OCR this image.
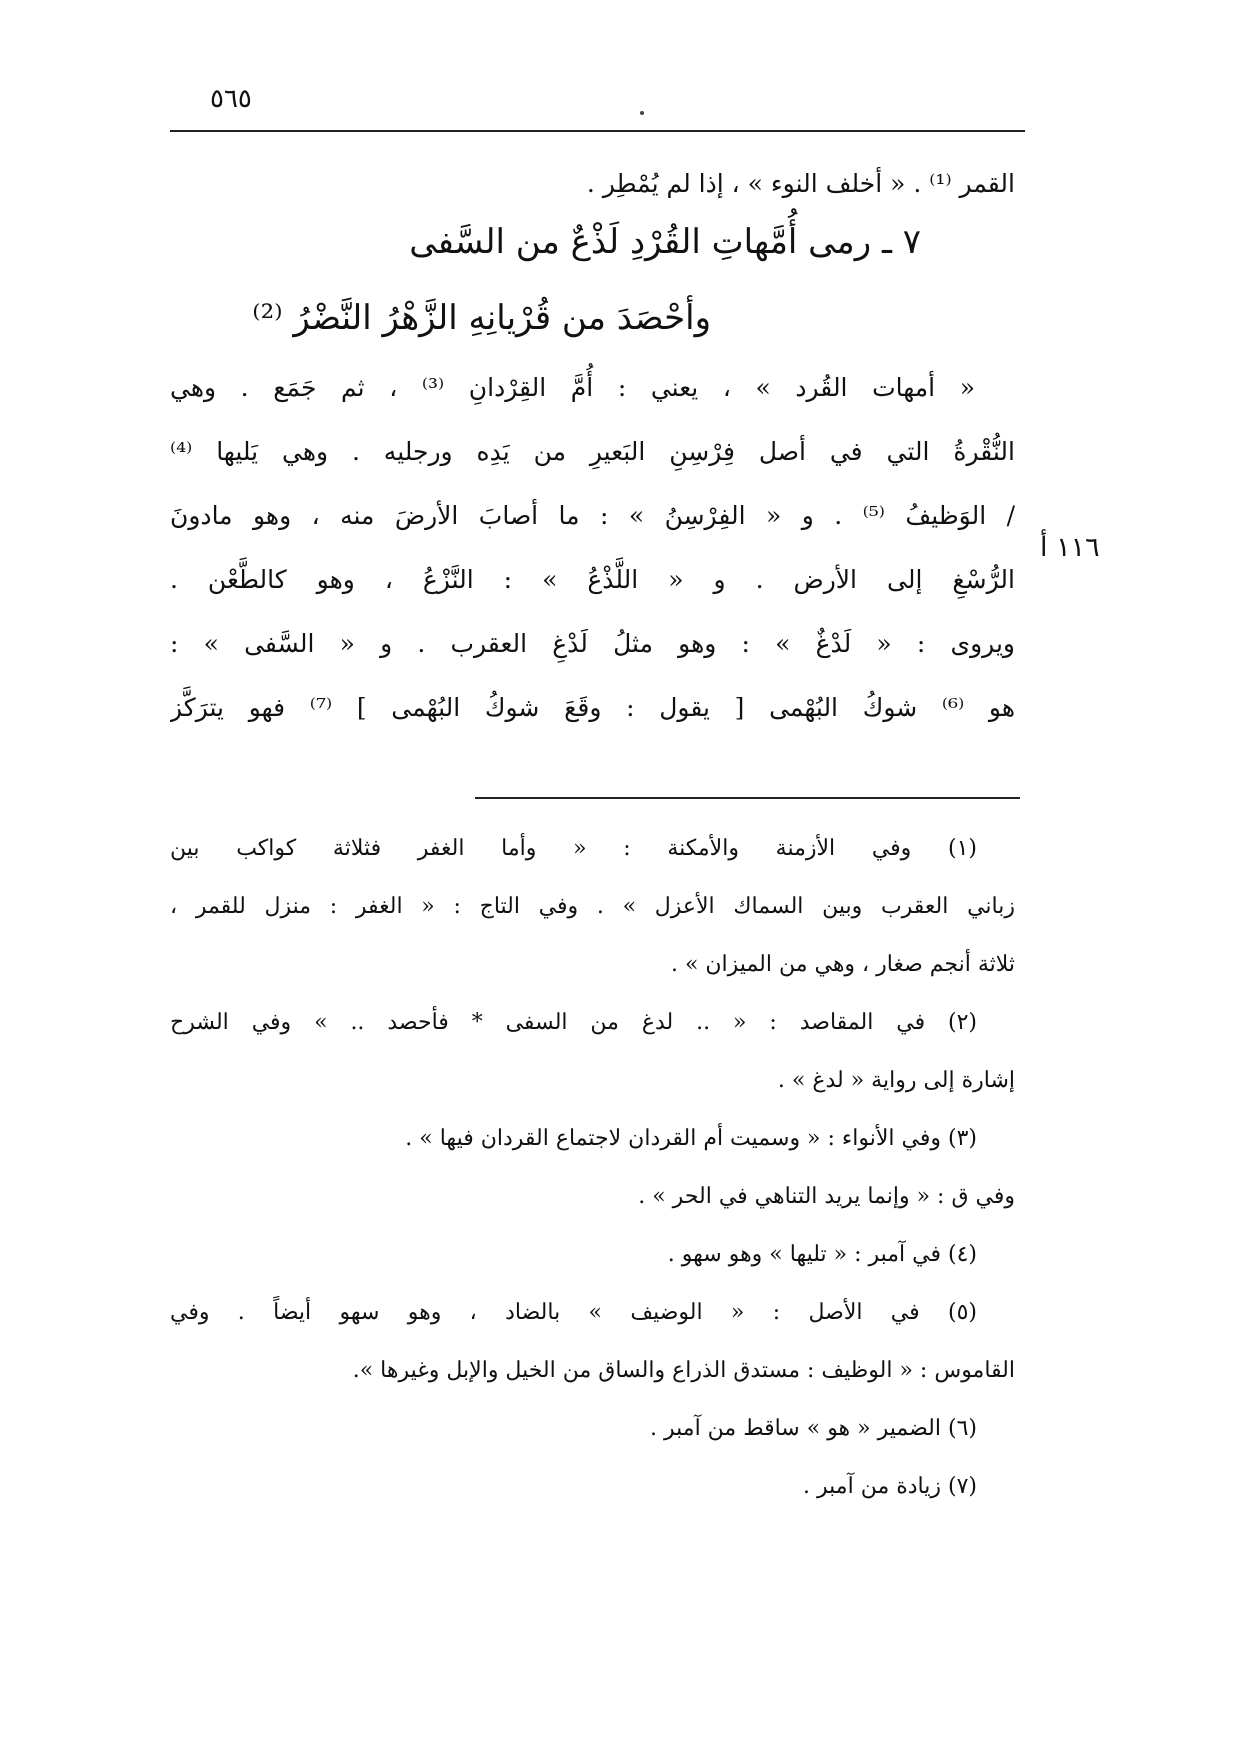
٥٦٥
القمر ⁽¹⁾ . « أخلف النوء » ، إذا لم يُمْطِر .
٧ ـ رمى أُمَّهاتِ القُرْدِ لَذْعٌ من السَّفى
وأحْصَدَ من قُرْيانِهِ الزَّهْرُ النَّضْرُ ⁽²⁾
« أمهات القُرد » ، يعني : أُمَّ القِرْدانِ ⁽³⁾ ، ثم جَمَع . وهي
النُّقْرةُ التي في أصل فِرْسِنِ البَعيرِ من يَدِه ورجليه . وهي يَليها ⁽⁴⁾
/ الوَظيفُ ⁽⁵⁾ . و « الفِرْسِنُ » : ما أصابَ الأرضَ منه ، وهو مادونَ
الرُّسْغِ إلى الأرض . و « اللَّذْعُ » : النَّزْعُ ، وهو كالطَّعْن .
ويروى : « لَدْغٌ » : وهو مثلُ لَدْغِ العقرب . و « السَّفى » :
هو ⁽⁶⁾ شوكُ البُهْمى [ يقول : وقَعَ شوكُ البُهْمى ] ⁽⁷⁾ فهو يترَكَّز
١١٦ أ
(١) وفي الأزمنة والأمكنة : « وأما الغفر فثلاثة كواكب بين
زباني العقرب وبين السماك الأعزل » . وفي التاج : « الغفر : منزل للقمر ،
ثلاثة أنجم صغار ، وهي من الميزان » .
(٢) في المقاصد : « .. لدغ من السفى * فأحصد .. » وفي الشرح
إشارة إلى رواية « لدغ » .
(٣) وفي الأنواء : « وسميت أم القردان لاجتماع القردان فيها » .
وفي ق : « وإنما يريد التناهي في الحر » .
(٤) في آمبر : « تليها » وهو سهو .
(٥) في الأصل : « الوضيف » بالضاد ، وهو سهو أيضاً . وفي
القاموس : « الوظيف : مستدق الذراع والساق من الخيل والإبل وغيرها ».
(٦) الضمير « هو » ساقط من آمبر .
(٧) زيادة من آمبر .
